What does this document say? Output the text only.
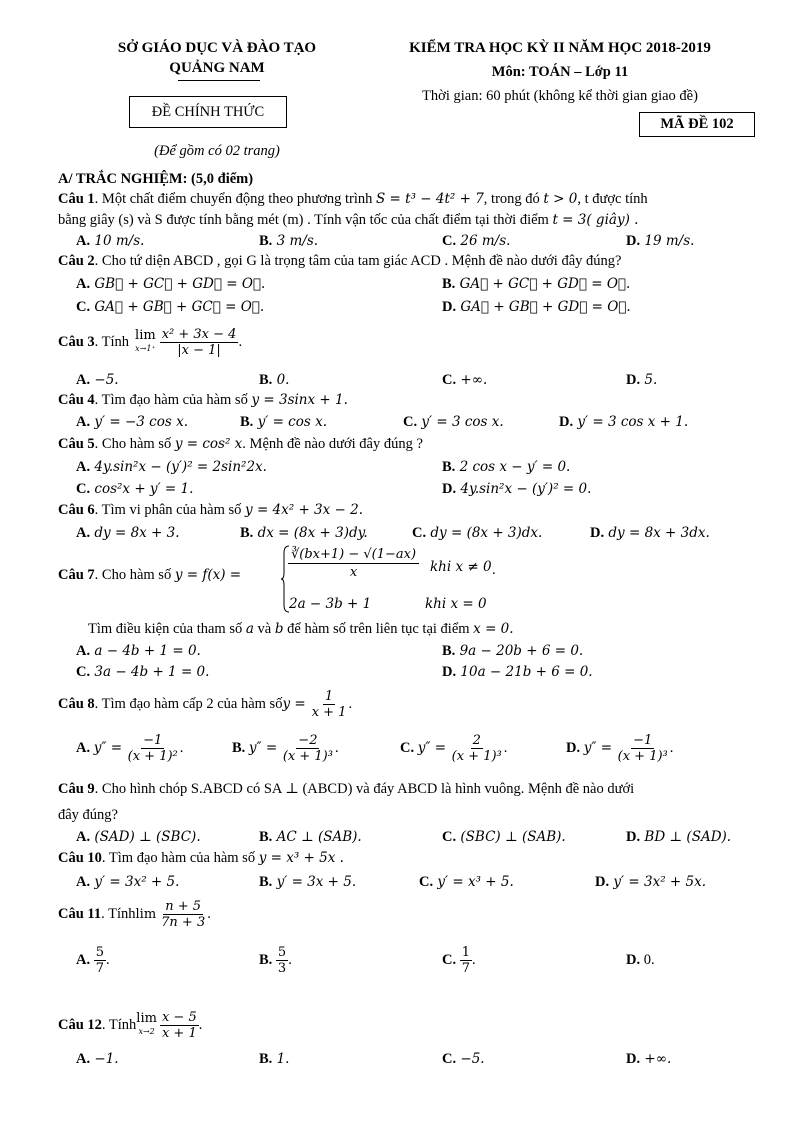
SỞ GIÁO DỤC VÀ ĐÀO TẠO
QUẢNG NAM
ĐỀ CHÍNH THỨC
(Để gồm có 02 trang)
KIỂM TRA HỌC KỲ II NĂM HỌC 2018-2019
Môn: TOÁN – Lớp 11
Thời gian: 60 phút (không kể thời gian giao đề)
MÃ ĐỀ 102
A/ TRẮC NGHIỆM: (5,0 điểm)
Câu 1. Một chất điểm chuyển động theo phương trình S = t³ − 4t² + 7, trong đó t > 0, t được tính
bằng giây (s) và S được tính bằng mét (m) . Tính vận tốc của chất điểm tại thời điểm t = 3( giây) .
A. 10 m/s.	B. 3 m/s.	C. 26 m/s.	D. 19 m/s.
Câu 2. Cho tứ diện ABCD , gọi G là trọng tâm của tam giác ACD . Mệnh đề nào dưới đây đúng?
A. GB⃗ + GC⃗ + GD⃗ = O⃗.	B. GA⃗ + GC⃗ + GD⃗ = O⃗.
C. GA⃗ + GB⃗ + GC⃗ = O⃗.	D. GA⃗ + GB⃗ + GD⃗ = O⃗.
Câu 3 . Tính lim
$x\to 1^+ \frac{\text{x² + 3x − 4}}{|x - 1|}$ .
A. −5.	B. 0.	C. +∞.	D. 5.
Câu 4. Tìm đạo hàm của hàm số y = 3sinx + 1.
A. y′ = −3 cos x.	B. y′ = cos x.	C. y′ = 3 cos x.	D. y′ = 3 cos x + 1.
Câu 5. Cho hàm số y = cos² x. Mệnh đề nào dưới đây đúng ?
A. 4y.sin²x − (y′)² = 2sin²2x.	B. 2 cos x − y′ = 0.
C. cos²x + y′ = 1.	D. 4y.sin²x − (y′)² = 0.
Câu 6. Tìm vi phân của hàm số y = 4x² + 3x − 2.
A. dy = 8x + 3.	B. dx = (8x + 3)dy.	C. dy = (8x + 3)dx.	D. dy = 8x + 3dx.
Câu 7. Cho hàm số y = f(x) =	$\frac{∛(bx+1) - √(1-ax)}{x}$ khi x ≠ 0 .
2a − 3b + 1	khi x = 0
Tìm điều kiện của tham số a và b để hàm số trên liên tục tại điểm x = 0.
A. a − 4b + 1 = 0.	B. 9a − 20b + 6 = 0.
C. 3a − 4b + 1 = 0.	D. 10a − 21b + 6 = 0.
Câu 8 . Tìm đạo hàm cấp 2 của hàm số $y = \frac{1}{x + 1}$ .
A.
y″ =
$\frac{-1}{\text{(x + 1)²}}$ .	B.
y″ =
$\frac{-2}{\text{(x + 1)³}}$ .	C.
y″ =
$\frac{2}{\text{(x + 1)³}}$ .	D.
y″ =
$\frac{-1}{\text{(x + 1)³}}$ .
Câu 9. Cho hình chóp S.ABCD có SA ⊥ (ABCD) và đáy ABCD là hình vuông. Mệnh đề nào dưới
đây đúng?
A. (SAD) ⊥ (SBC).	B. AC ⊥ (SAB).	C. (SBC) ⊥ (SAB).	D. BD ⊥ (SAD).
Câu 10. Tìm đạo hàm của hàm số y = x³ + 5x .
A. y′ = 3x² + 5.	B. y′ = 3x + 5.	C. y′ = x³ + 5.	D. y′ = 3x² + 5x.
Câu 11 . Tính $\lim \frac{n + 5}{7n + 3}$ .
A.
$\frac{5}{7}$ .	B.
$\frac{5}{3}$ .	C.
$\frac{1}{7}$ .	D. 0.
Câu 12 . Tính lim
$x\to 2 \frac{x - 5}{x + 1}$ .
A. −1.	B. 1.	C. −5.	D. +∞.
